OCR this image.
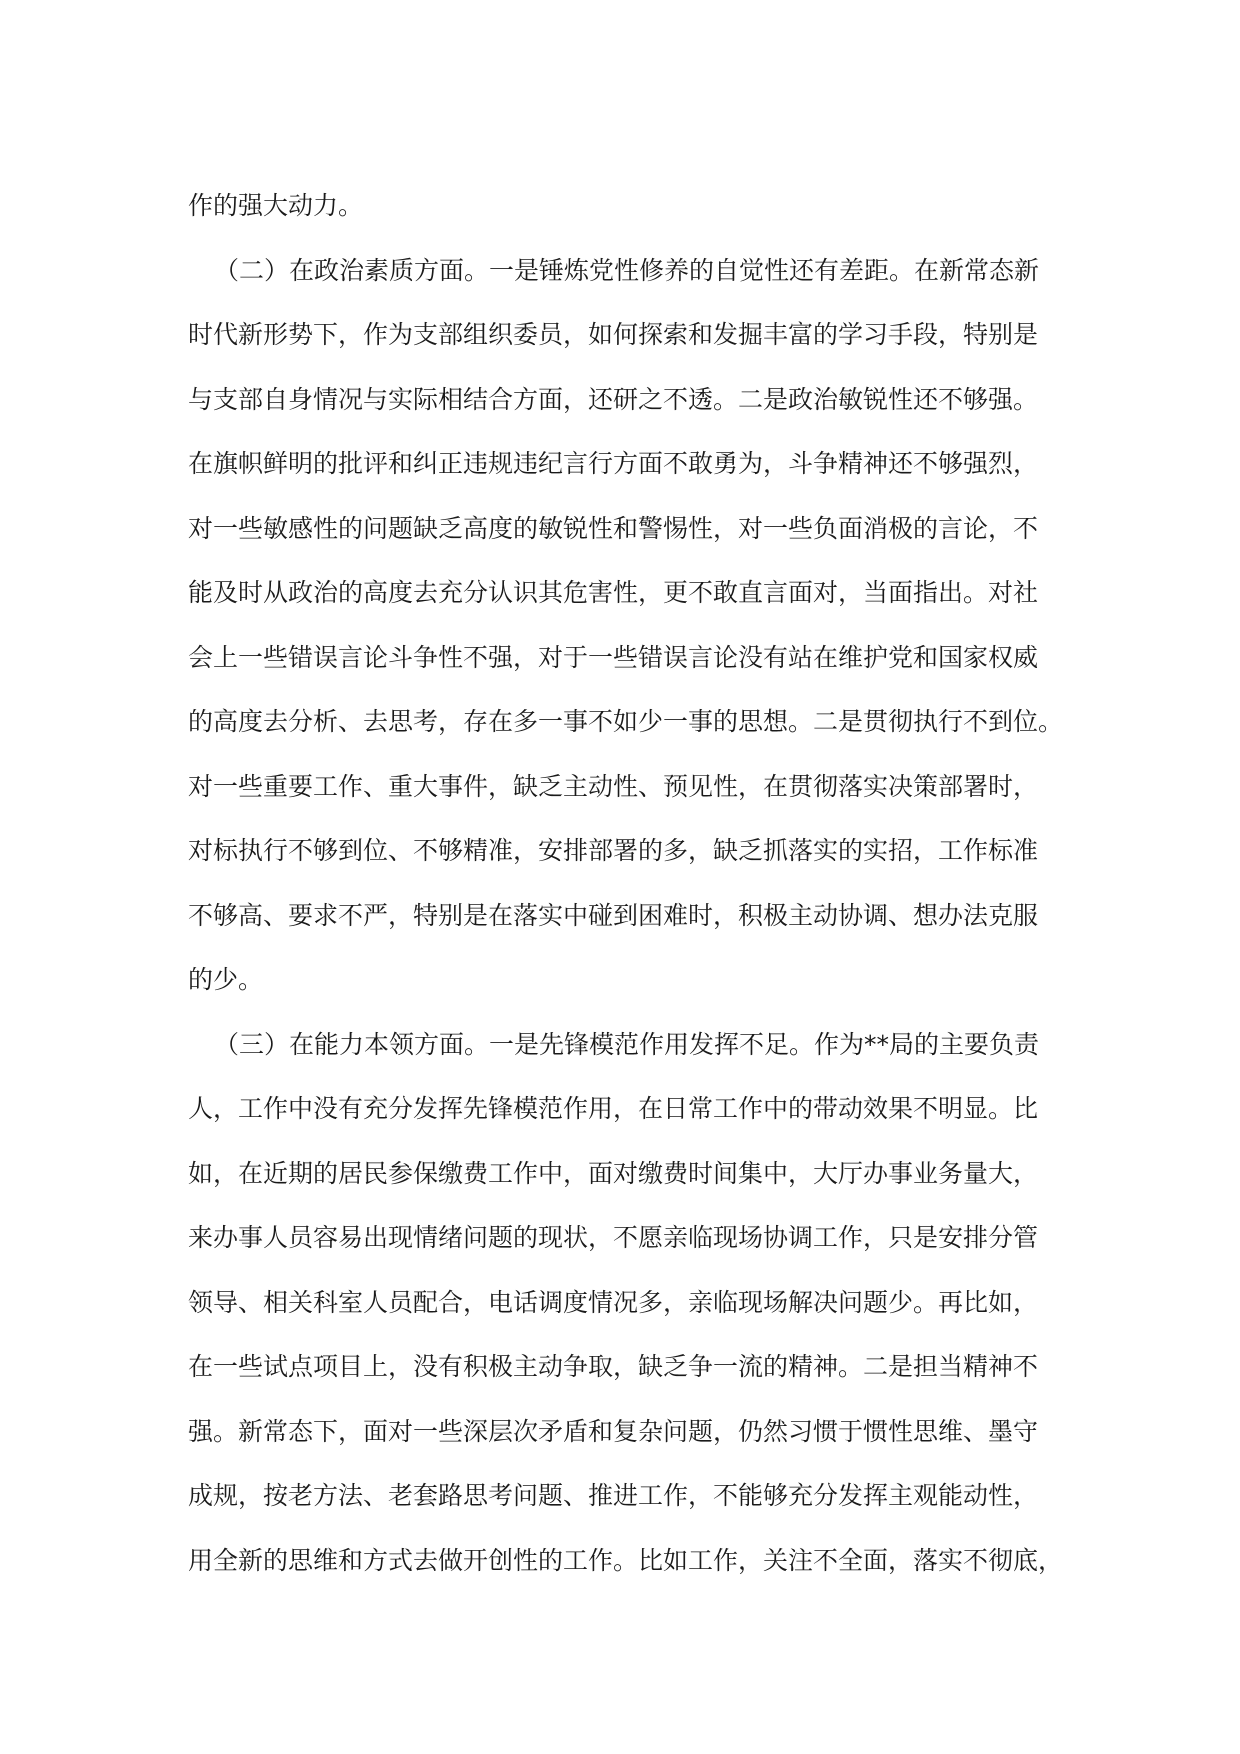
作的强大动力。
（二）在政治素质方面。一是锤炼党性修养的自觉性还有差距。在新常态新
时代新形势下，作为支部组织委员，如何探索和发掘丰富的学习手段，特别是
与支部自身情况与实际相结合方面，还研之不透。二是政治敏锐性还不够强。
在旗帜鲜明的批评和纠正违规违纪言行方面不敢勇为，斗争精神还不够强烈，
对一些敏感性的问题缺乏高度的敏锐性和警惕性，对一些负面消极的言论，不
能及时从政治的高度去充分认识其危害性，更不敢直言面对，当面指出。对社
会上一些错误言论斗争性不强，对于一些错误言论没有站在维护党和国家权威
的高度去分析、去思考，存在多一事不如少一事的思想。二是贯彻执行不到位。
对一些重要工作、重大事件，缺乏主动性、预见性，在贯彻落实决策部署时，
对标执行不够到位、不够精准，安排部署的多，缺乏抓落实的实招，工作标准
不够高、要求不严，特别是在落实中碰到困难时，积极主动协调、想办法克服
的少。
（三）在能力本领方面。一是先锋模范作用发挥不足。作为**局的主要负责
人，工作中没有充分发挥先锋模范作用，在日常工作中的带动效果不明显。比
如，在近期的居民参保缴费工作中，面对缴费时间集中，大厅办事业务量大，
来办事人员容易出现情绪问题的现状，不愿亲临现场协调工作，只是安排分管
领导、相关科室人员配合，电话调度情况多，亲临现场解决问题少。再比如，
在一些试点项目上，没有积极主动争取，缺乏争一流的精神。二是担当精神不
强。新常态下，面对一些深层次矛盾和复杂问题，仍然习惯于惯性思维、墨守
成规，按老方法、老套路思考问题、推进工作，不能够充分发挥主观能动性，
用全新的思维和方式去做开创性的工作。比如工作，关注不全面，落实不彻底，
